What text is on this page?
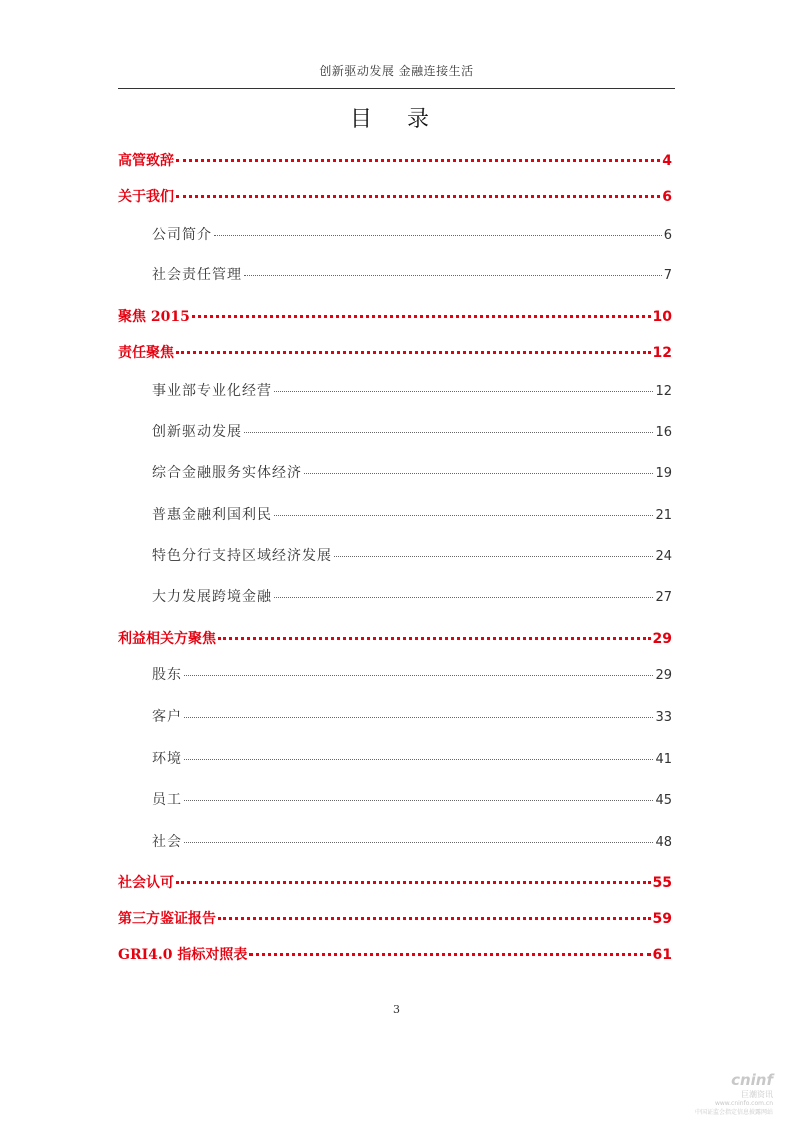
创新驱动发展 金融连接生活
目 录
高管致辞	4
关于我们	6
公司简介	6
社会责任管理	7
聚焦 2015	10
责任聚焦	12
事业部专业化经营	12
创新驱动发展	16
综合金融服务实体经济	19
普惠金融利国利民	21
特色分行支持区域经济发展	24
大力发展跨境金融	27
利益相关方聚焦	29
股东	29
客户	33
环境	41
员工	45
社会	48
社会认可	55
第三方鉴证报告	59
GRI4.0 指标对照表	61
3
cninf
巨潮资讯
www.cninfo.com.cn
中国证监会指定信息披露网站
